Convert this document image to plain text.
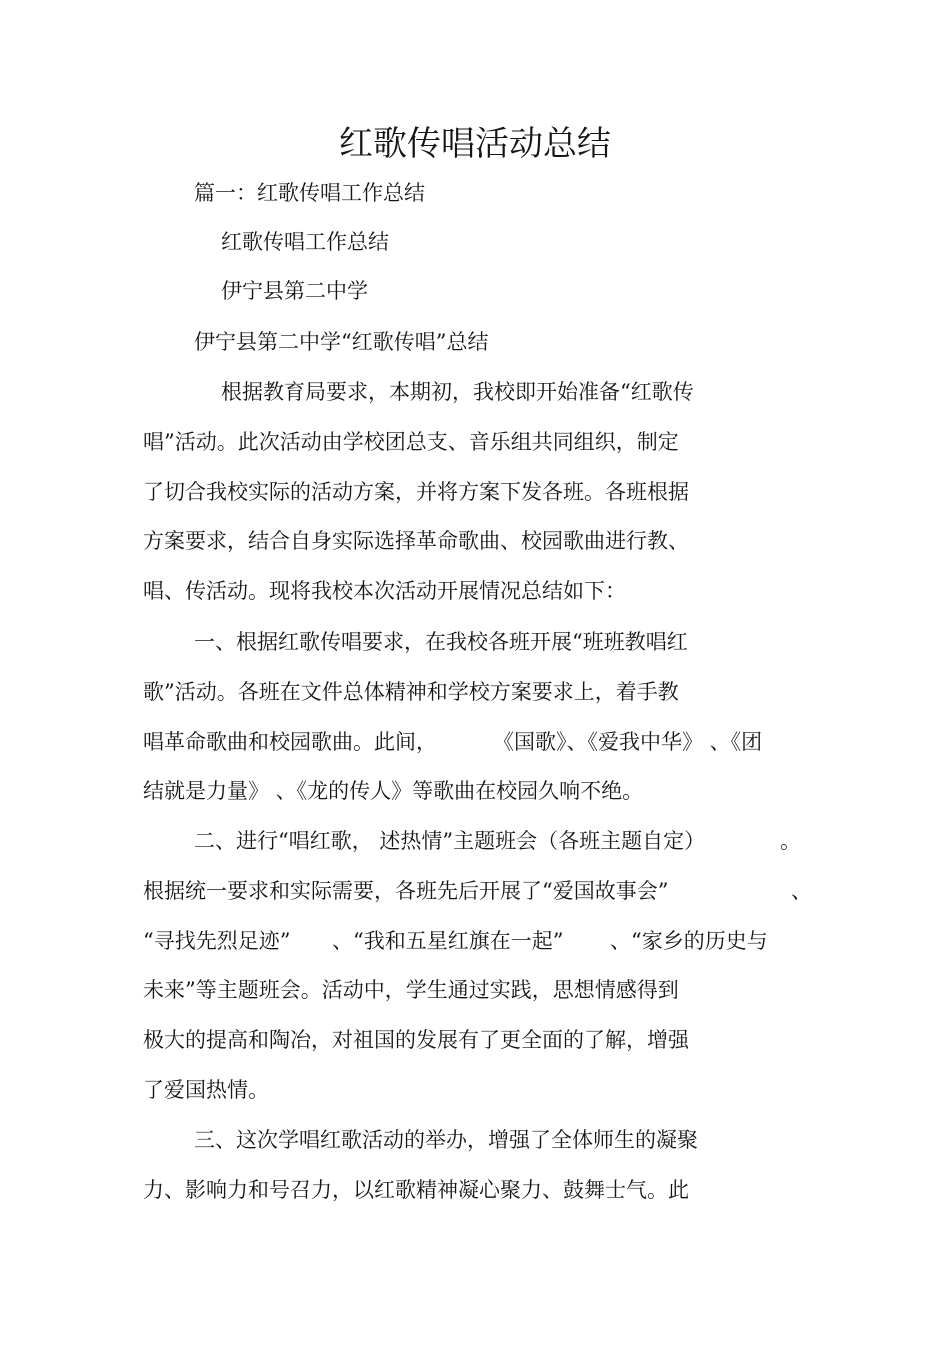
红歌传唱活动总结
篇一：红歌传唱工作总结
红歌传唱工作总结
伊宁县第二中学
伊宁县第二中学“红歌传唱”总结
根据教育局要求，本期初，我校即开始准备“红歌传
唱”活动。此次活动由学校团总支、音乐组共同组织，制定
了切合我校实际的活动方案，并将方案下发各班。各班根据
方案要求，结合自身实际选择革命歌曲、校园歌曲进行教、
唱、传活动。现将我校本次活动开展情况总结如下：
一、根据红歌传唱要求，在我校各班开展“班班教唱红
歌”活动。各班在文件总体精神和学校方案要求上，着手教
唱革命歌曲和校园歌曲。此间，	《国歌》、《爱我中华》 、《团
结就是力量》 、《龙的传人》等歌曲在校园久响不绝。
二、进行“唱红歌， 述热情”主题班会（各班主题自定）	。
根据统一要求和实际需要，各班先后开展了“爱国故事会”	、
“寻找先烈足迹” 、“我和五星红旗在一起” 、“家乡的历史与
未来”等主题班会。活动中，学生通过实践，思想情感得到
极大的提高和陶冶，对祖国的发展有了更全面的了解，增强
了爱国热情。
三、这次学唱红歌活动的举办，增强了全体师生的凝聚
力、影响力和号召力，以红歌精神凝心聚力、鼓舞士气。此
